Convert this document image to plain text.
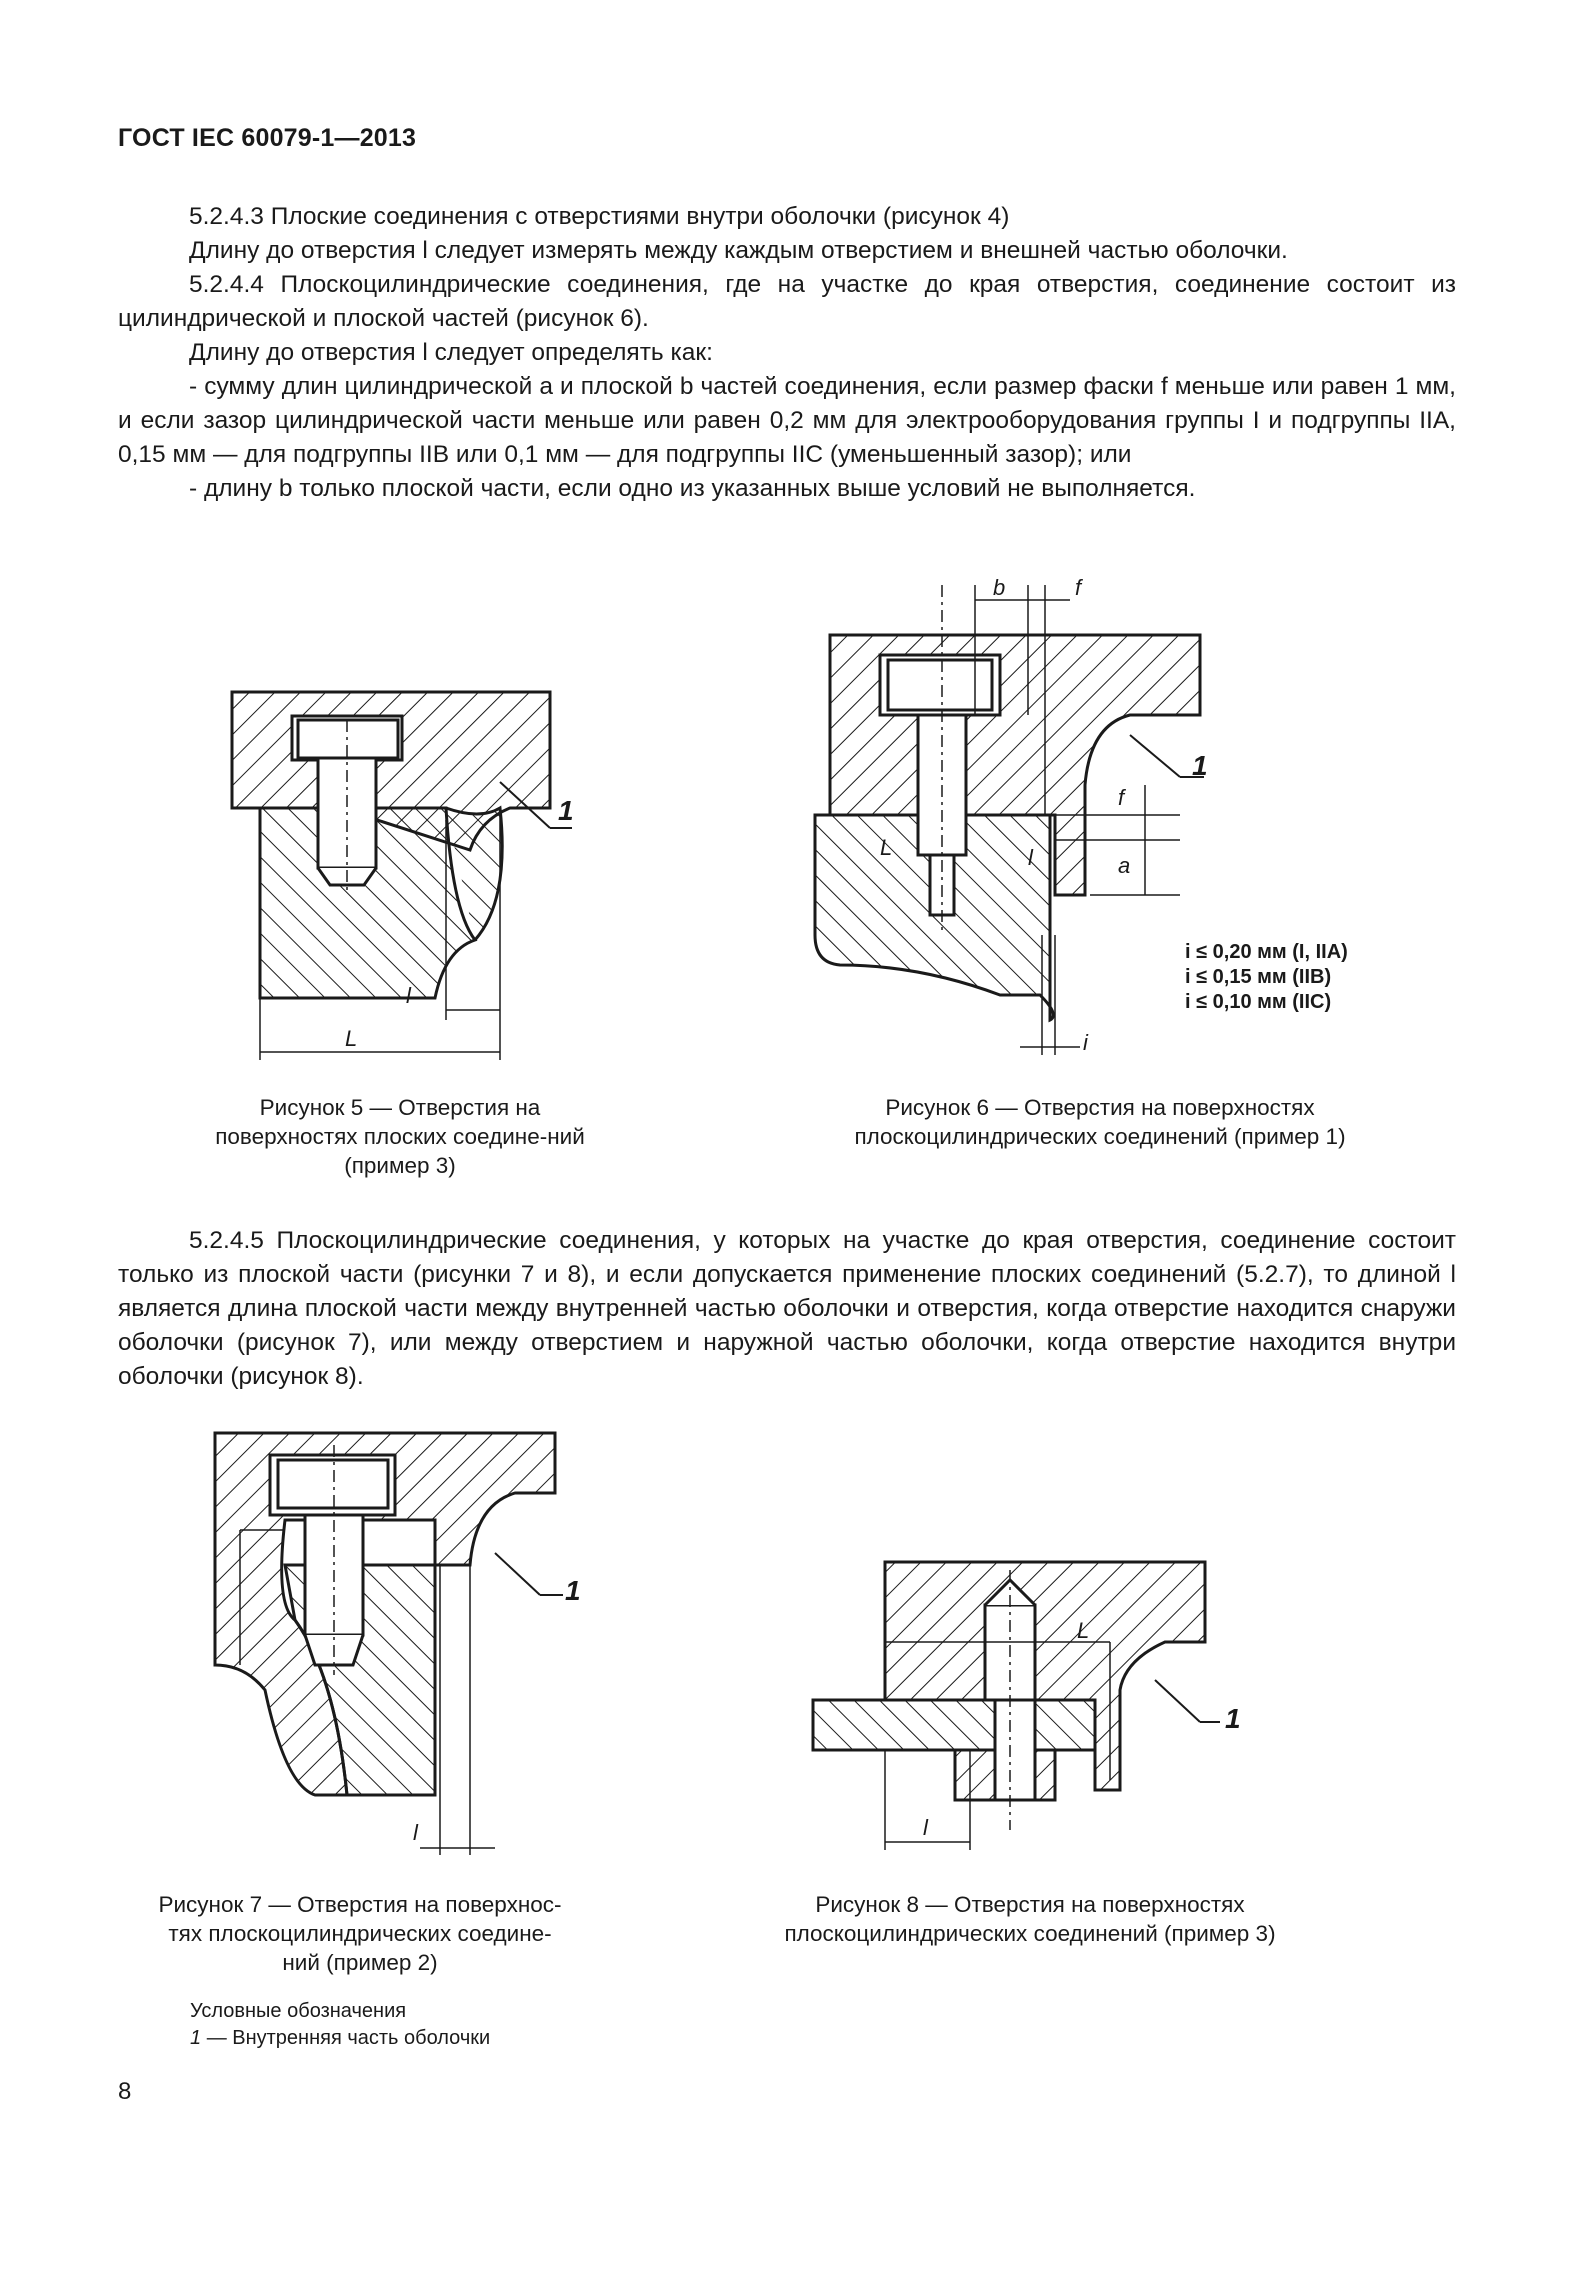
ГОСТ IEC 60079-1—2013

5.2.4.3 Плоские соединения с отверстиями внутри оболочки (рисунок 4)

Длину до отверстия l следует измерять между каждым отверстием и внешней частью оболочки.

5.2.4.4 Плоскоцилиндрические соединения, где на участке до края отверстия, соединение состоит из цилиндрической и плоской частей (рисунок 6).

Длину до отверстия l следует определять как:

- сумму длин цилиндрической a и плоской b частей соединения, если размер фаски f меньше или равен 1 мм, и если зазор цилиндрической части меньше или равен 0,2 мм для электрооборудования группы I и подгруппы IIA, 0,15 мм — для подгруппы IIB или 0,1 мм — для подгруппы IIC (уменьшенный зазор); или

- длину b только плоской части, если одно из указанных выше условий не выполняется.

1
l
L
Рисунок 5 — Отверстия на поверхностях плоских соедине-ний (пример 3)
b	f
1
f
a
L	l
i
i ≤ 0,20 мм (I, IIA)
i ≤ 0,15 мм (IIB)
i ≤ 0,10 мм (IIC)
Рисунок 6 — Отверстия на поверхностях плоскоцилиндрических соединений (пример 1)

5.2.4.5 Плоскоцилиндрические соединения, у которых на участке до края отверстия, соединение состоит только из плоской части (рисунки 7 и 8), и если допускается применение плоских соединений (5.2.7), то длиной l является длина плоской части между внутренней частью оболочки и отверстия, когда отверстие находится снаружи оболочки (рисунок 7), или между отверстием и наружной частью оболочки, когда отверстие находится внутри оболочки (рисунок 8).

1
l
Рисунок 7 — Отверстия на поверхнос-тях плоскоцилиндрических соедине-ний (пример 2)
L
1
l
Рисунок 8 — Отверстия на поверхностях плоскоцилиндрических соединений (пример 3)
Условные обозначения
1 — Внутренняя часть оболочки
8
